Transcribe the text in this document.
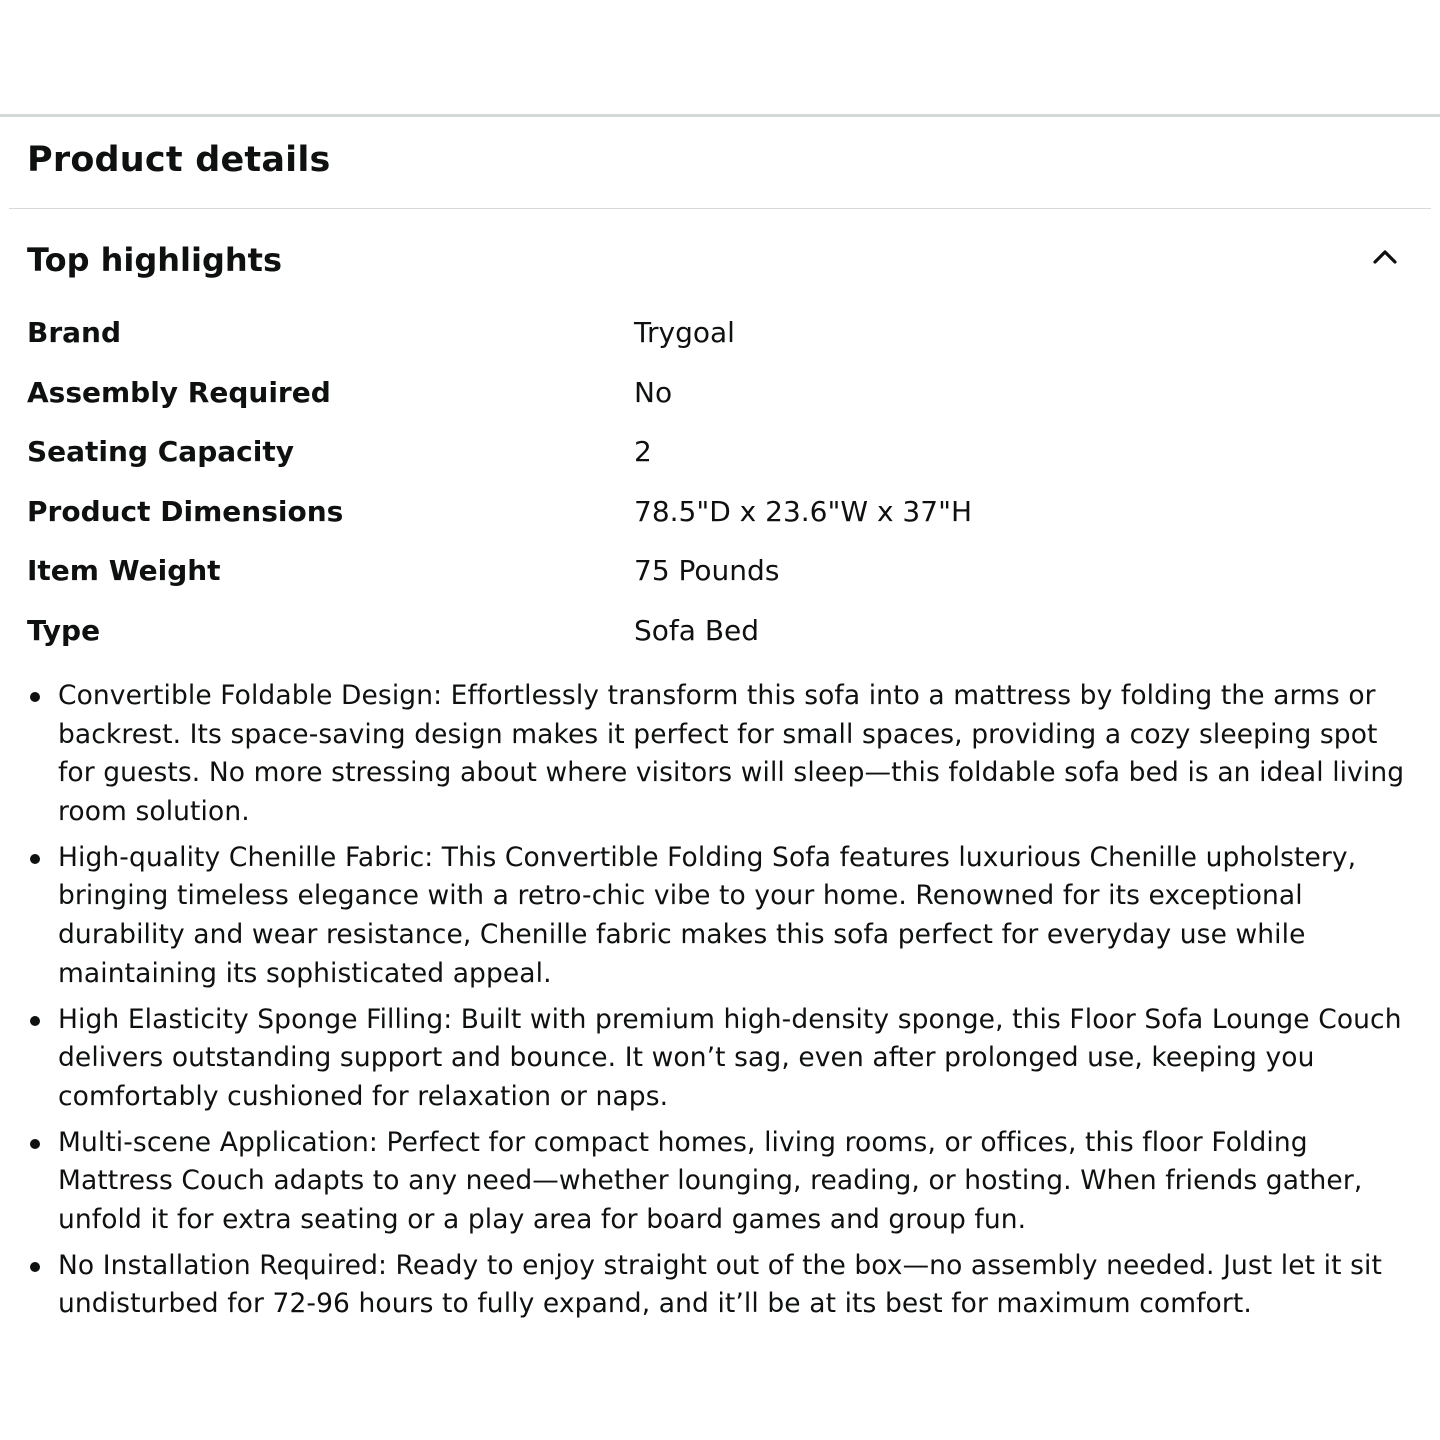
Product details
Top highlights
Brand	Trygoal
Assembly Required	No
Seating Capacity	2
Product Dimensions	78.5"D x 23.6"W x 37"H
Item Weight	75 Pounds
Type	Sofa Bed
Convertible Foldable Design: Effortlessly transform this sofa into a mattress by folding the arms or backrest. Its space-saving design makes it perfect for small spaces, providing a cozy sleeping spot for guests. No more stressing about where visitors will sleep—this foldable sofa bed is an ideal living room solution.
High-quality Chenille Fabric: This Convertible Folding Sofa features luxurious Chenille upholstery, bringing timeless elegance with a retro-chic vibe to your home. Renowned for its exceptional durability and wear resistance, Chenille fabric makes this sofa perfect for everyday use while maintaining its sophisticated appeal.
High Elasticity Sponge Filling: Built with premium high-density sponge, this Floor Sofa Lounge Couch delivers outstanding support and bounce. It won’t sag, even after prolonged use, keeping you comfortably cushioned for relaxation or naps.
Multi-scene Application: Perfect for compact homes, living rooms, or offices, this floor Folding Mattress Couch adapts to any need—whether lounging, reading, or hosting. When friends gather, unfold it for extra seating or a play area for board games and group fun.
No Installation Required: Ready to enjoy straight out of the box—no assembly needed. Just let it sit undisturbed for 72-96 hours to fully expand, and it’ll be at its best for maximum comfort.
